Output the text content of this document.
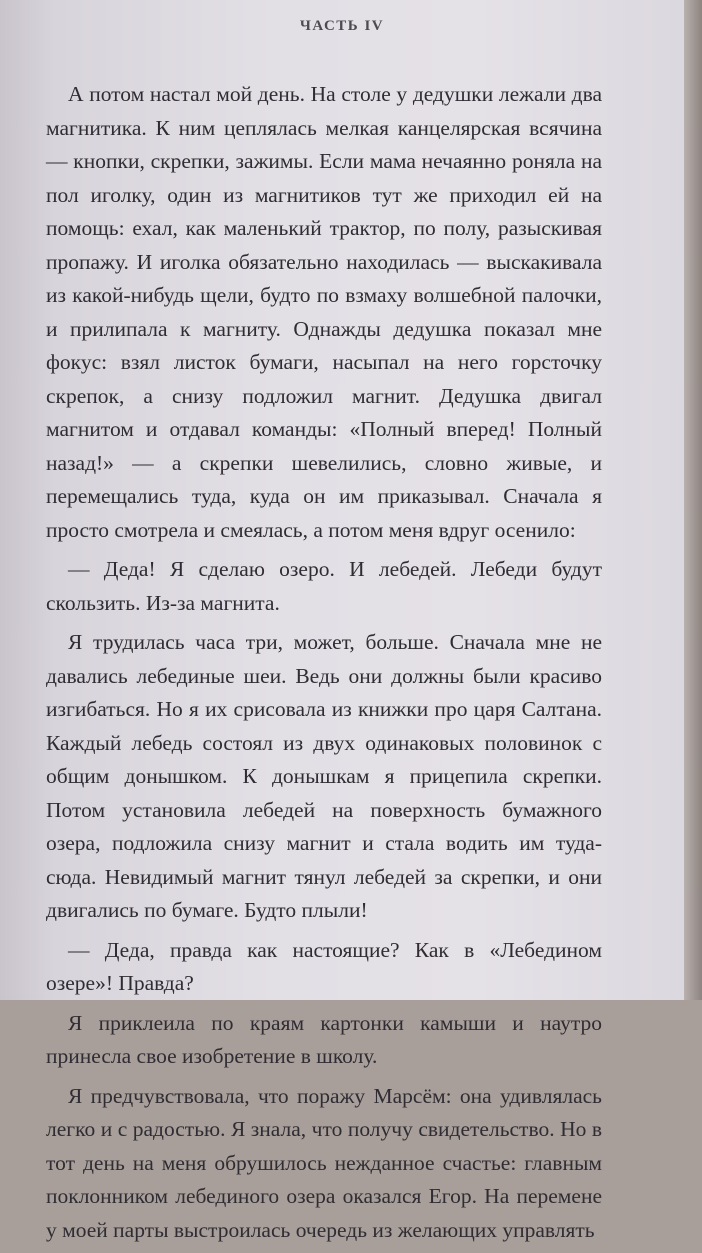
ЧАСТЬ IV

А потом настал мой день. На столе у дедушки лежали два магнитика. К ним цеплялась мелкая канцелярская всячина — кнопки, скрепки, зажимы. Если мама нечаянно роняла на пол иголку, один из магнитиков тут же приходил ей на помощь: ехал, как маленький трактор, по полу, разыскивая пропажу. И иголка обязательно находилась — выскакивала из какой-нибудь щели, будто по взмаху волшебной палочки, и прилипала к магниту. Однажды дедушка показал мне фокус: взял листок бумаги, насыпал на него горсточку скрепок, а снизу подложил магнит. Дедушка двигал магнитом и отдавал команды: «Полный вперед! Полный назад!» — а скрепки шевелились, словно живые, и перемещались туда, куда он им приказывал. Сначала я просто смотрела и смеялась, а потом меня вдруг осенило:

— Деда! Я сделаю озеро. И лебедей. Лебеди будут скользить. Из-за магнита.

Я трудилась часа три, может, больше. Сначала мне не давались лебединые шеи. Ведь они должны были красиво изгибаться. Но я их срисовала из книжки про царя Салтана. Каждый лебедь состоял из двух одинаковых половинок с общим донышком. К донышкам я прицепила скрепки. Потом установила лебедей на поверхность бумажного озера, подложила снизу магнит и стала водить им туда-сюда. Невидимый магнит тянул лебедей за скрепки, и они двигались по бумаге. Будто плыли!

— Деда, правда как настоящие? Как в «Лебедином озере»! Правда?

Я приклеила по краям картонки камыши и наутро принесла свое изобретение в школу.

Я предчувствовала, что поражу Марсём: она удивлялась легко и с радостью. Я знала, что получу свидетельство. Но в тот день на меня обрушилось нежданное счастье: главным поклонником лебединого озера оказался Егор. На перемене у моей парты выстроилась очередь из желающих управлять
